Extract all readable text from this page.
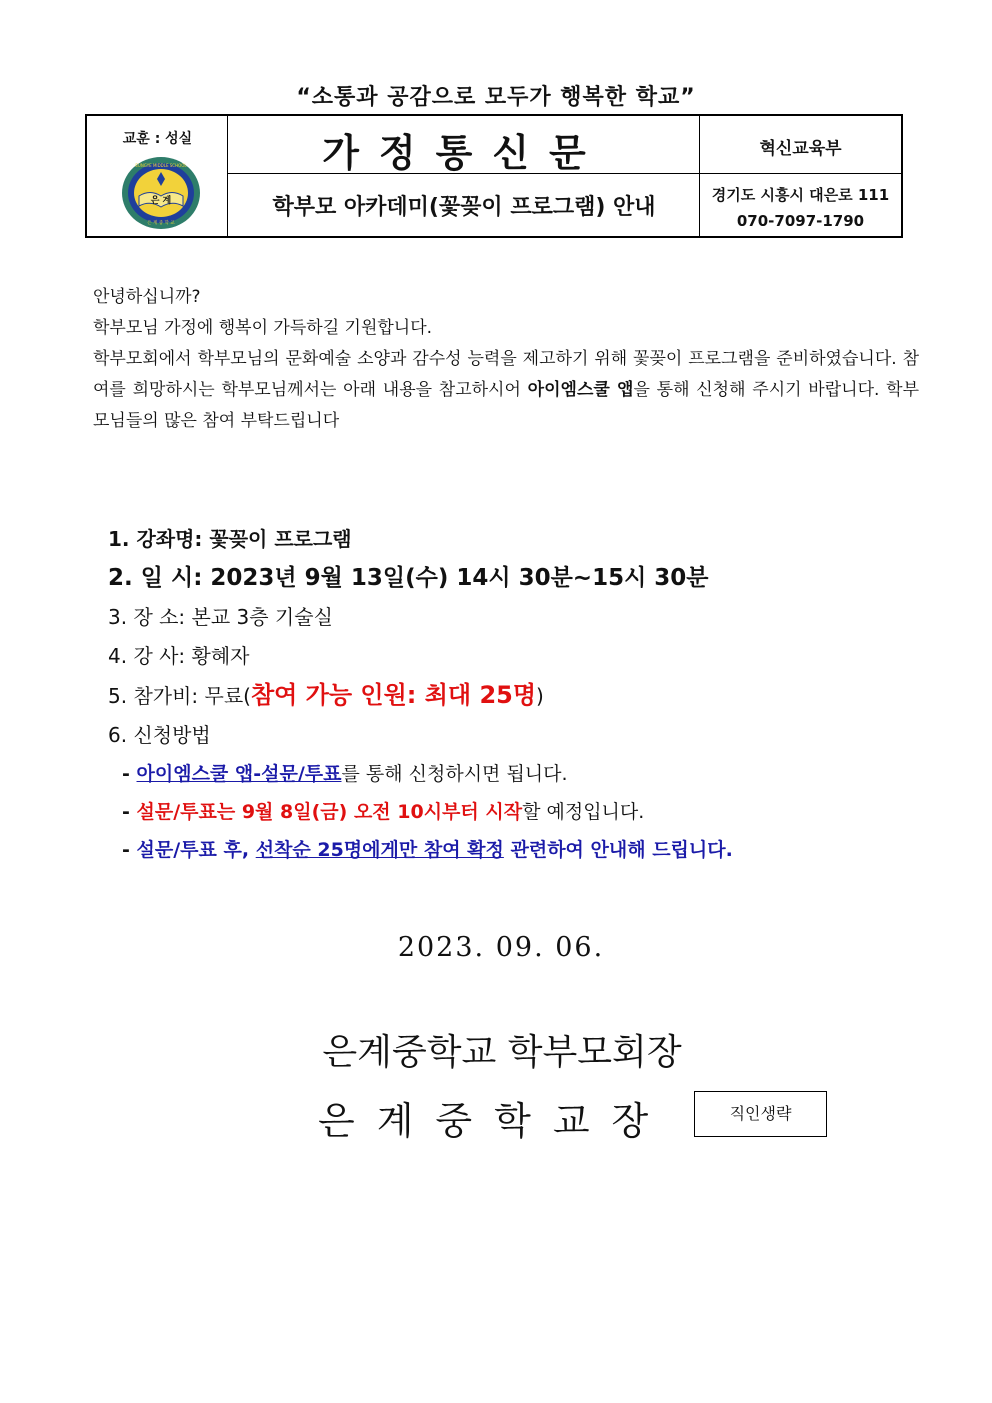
“소통과 공감으로 모두가 행복한 학교”
교훈 : 성실
은 계
EUNGYE MIDDLE SCHOOL
은 계 중 학 교
가정통신문
학부모 아카데미(꽃꽂이 프로그램) 안내
혁신교육부
경기도 시흥시 대은로 111
070-7097-1790

안녕하십니까?

학부모님 가정에 행복이 가득하길 기원합니다.

학부모회에서 학부모님의 문화예술 소양과 감수성 능력을 제고하기 위해 꽃꽂이 프로그램을 준비하였습니다. 참여를 희망하시는 학부모님께서는 아래 내용을 참고하시어 아이엠스쿨 앱을 통해 신청해 주시기 바랍니다. 학부모님들의 많은 참여 부탁드립니다

1. 강좌명: 꽃꽂이 프로그램
2. 일 시: 2023년 9월 13일(수) 14시 30분~15시 30분
3. 장 소: 본교 3층 기술실
4. 강 사: 황혜자
5. 참가비: 무료(참여 가능 인원: 최대 25명)
6. 신청방법
- 아이엠스쿨 앱-설문/투표를 통해 신청하시면 됩니다.
- 설문/투표는 9월 8일(금) 오전 10시부터 시작할 예정입니다.
- 설문/투표 후, 선착순 25명에게만 참여 확정 관련하여 안내해 드립니다.
2023. 09. 06.
은계중학교 학부모회장
은계중학교장	직인생략
